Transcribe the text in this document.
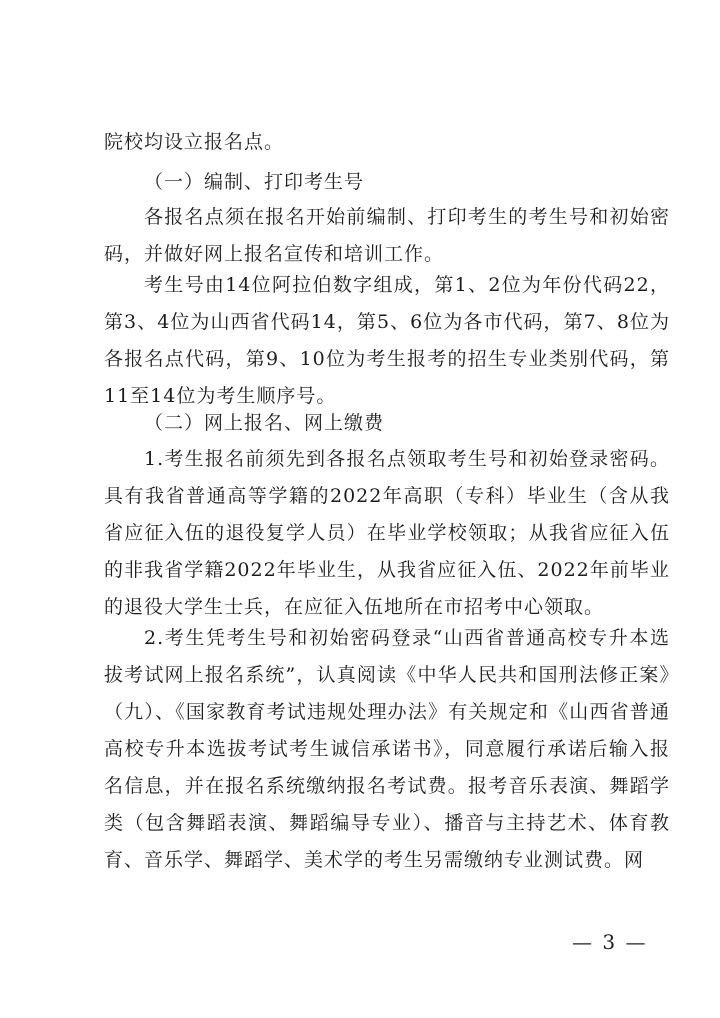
院校均设立报名点。

（一）编制、打印考生号

各报名点须在报名开始前编制、打印考生的考生号和初始密码，并做好网上报名宣传和培训工作。

考生号由14位阿拉伯数字组成，第1、2位为年份代码22，第3、4位为山西省代码14，第5、6位为各市代码，第7、8位为各报名点代码，第9、10位为考生报考的招生专业类别代码，第11至14位为考生顺序号。

（二）网上报名、网上缴费

1.考生报名前须先到各报名点领取考生号和初始登录密码。具有我省普通高等学籍的2022年高职（专科）毕业生（含从我省应征入伍的退役复学人员）在毕业学校领取；从我省应征入伍的非我省学籍2022年毕业生，从我省应征入伍、2022年前毕业的退役大学生士兵，在应征入伍地所在市招考中心领取。

2.考生凭考生号和初始密码登录“山西省普通高校专升本选拔考试网上报名系统”，认真阅读《中华人民共和国刑法修正案》（九）、《国家教育考试违规处理办法》有关规定和《山西省普通高校专升本选拔考试考生诚信承诺书》，同意履行承诺后输入报名信息，并在报名系统缴纳报名考试费。报考音乐表演、舞蹈学类（包含舞蹈表演、舞蹈编导专业）、播音与主持艺术、体育教育、音乐学、舞蹈学、美术学的考生另需缴纳专业测试费。网

— 3 —
